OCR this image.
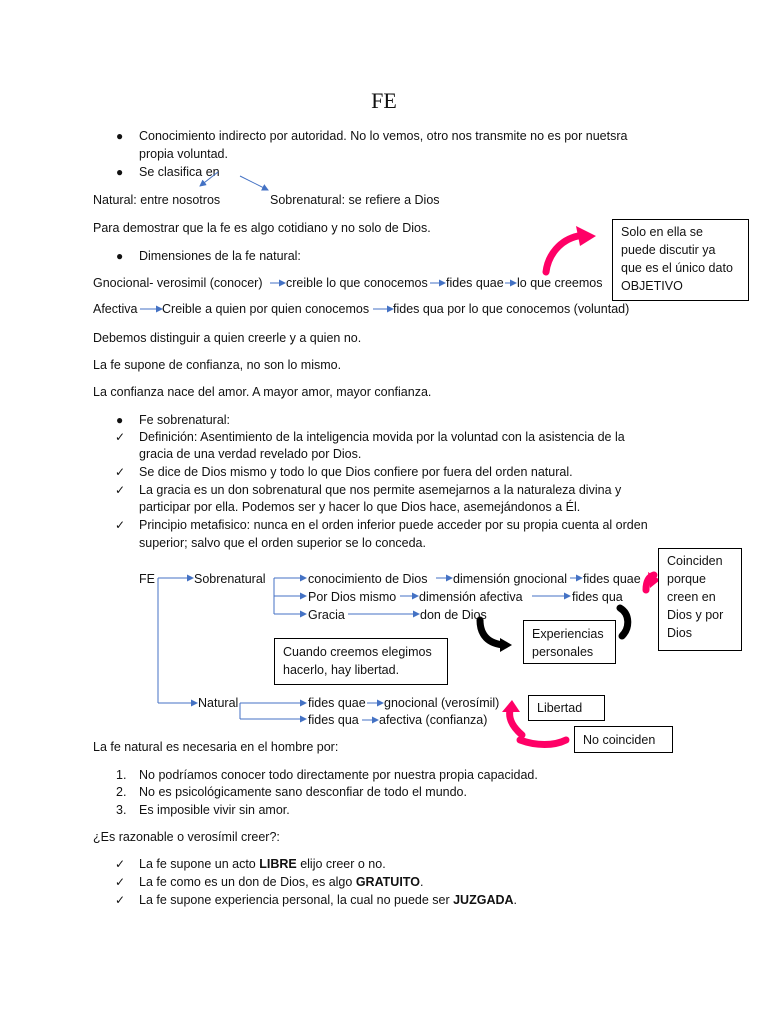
FE
● Conocimiento indirecto por autoridad. No lo vemos, otro nos transmite no es por nuetsra
propia voluntad.
● Se clasifica en
Natural: entre nosotros	Sobrenatural: se refiere a Dios
Para demostrar que la fe es algo cotidiano y no solo de Dios.
● Dimensiones de la fe natural:
Gnocional- verosimil (conocer) creible lo que conocemos fides quae lo que creemos
Afectiva Creible a quien por quien conocemos fides qua por lo que conocemos (voluntad)
Solo en ella se
puede discutir ya
que es el único dato
OBJETIVO
Debemos distinguir a quien creerle y a quien no.
La fe supone de confianza, no son lo mismo.
La confianza nace del amor. A mayor amor, mayor confianza.
● Fe sobrenatural:
✓ Definición: Asentimiento de la inteligencia movida por la voluntad con la asistencia de la
gracia de una verdad revelado por Dios.
✓ Se dice de Dios mismo y todo lo que Dios confiere por fuera del orden natural.
✓ La gracia es un don sobrenatural que nos permite asemejarnos a la naturaleza divina y
participar por ella. Podemos ser y hacer lo que Dios hace, asemejándonos a Él.
✓ Principio metafisico: nunca en el orden inferior puede acceder por su propia cuenta al orden
superior; salvo que el orden superior se lo conceda.
FE	Sobrenatural	conocimiento de Dios dimensión gnocional fides quae
Por Dios mismo dimensión afectiva	fides qua
Gracia	don de Dios
Natural	fides quae gnocional (verosímil)
fides qua afectiva (confianza)
Coinciden
porque
creen en
Dios y por
Dios
Experiencias
personales
Cuando creemos elegimos
hacerlo, hay libertad.
Libertad
No coinciden
La fe natural es necesaria en el hombre por:
1. No podríamos conocer todo directamente por nuestra propia capacidad.
2. No es psicológicamente sano desconfiar de todo el mundo.
3. Es imposible vivir sin amor.
¿Es razonable o verosímil creer?:
✓ La fe supone un acto LIBRE elijo creer o no.
✓ La fe como es un don de Dios, es algo GRATUITO.
✓ La fe supone experiencia personal, la cual no puede ser JUZGADA.
